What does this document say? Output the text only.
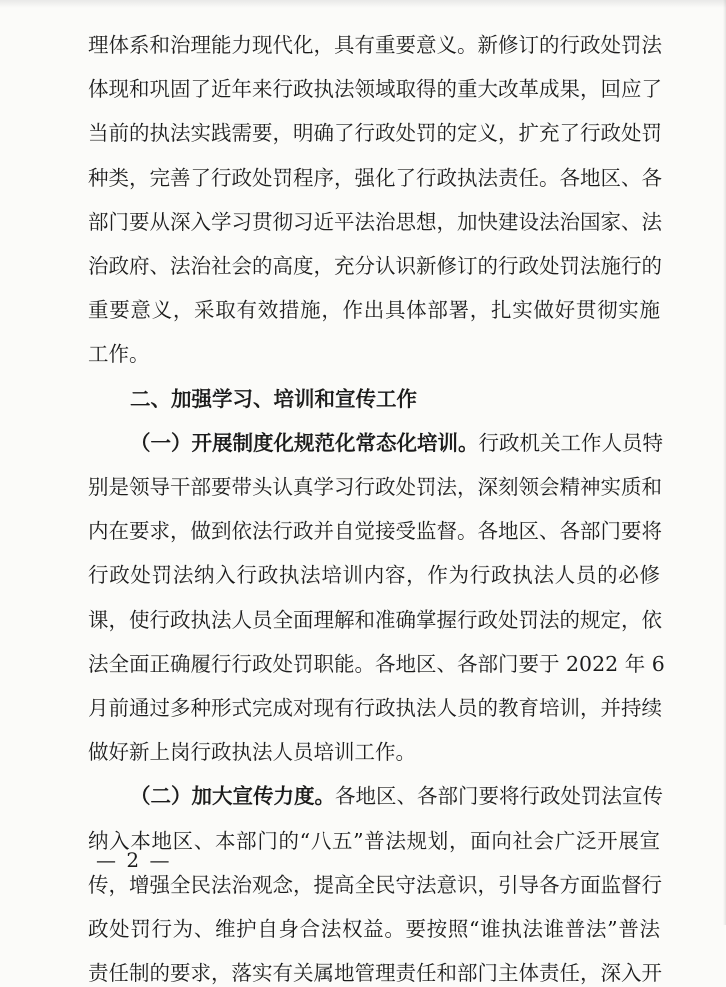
理体系和治理能力现代化，具有重要意义。新修订的行政处罚法
体现和巩固了近年来行政执法领域取得的重大改革成果，回应了
当前的执法实践需要，明确了行政处罚的定义，扩充了行政处罚
种类，完善了行政处罚程序，强化了行政执法责任。各地区、各
部门要从深入学习贯彻习近平法治思想，加快建设法治国家、法
治政府、法治社会的高度，充分认识新修订的行政处罚法施行的
重要意义，采取有效措施，作出具体部署，扎实做好贯彻实施
工作。
二、加强学习、培训和宣传工作
（一）开展制度化规范化常态化培训。行政机关工作人员特
别是领导干部要带头认真学习行政处罚法，深刻领会精神实质和
内在要求，做到依法行政并自觉接受监督。各地区、各部门要将
行政处罚法纳入行政执法培训内容，作为行政执法人员的必修
课，使行政执法人员全面理解和准确掌握行政处罚法的规定，依
法全面正确履行行政处罚职能。各地区、各部门要于 2022 年 6
月前通过多种形式完成对现有行政执法人员的教育培训，并持续
做好新上岗行政执法人员培训工作。
（二）加大宣传力度。各地区、各部门要将行政处罚法宣传
纳入本地区、本部门的“八五”普法规划，面向社会广泛开展宣
传，增强全民法治观念，提高全民守法意识，引导各方面监督行
政处罚行为、维护自身合法权益。要按照“谁执法谁普法”普法
责任制的要求，落实有关属地管理责任和部门主体责任，深入开
— 2 —
